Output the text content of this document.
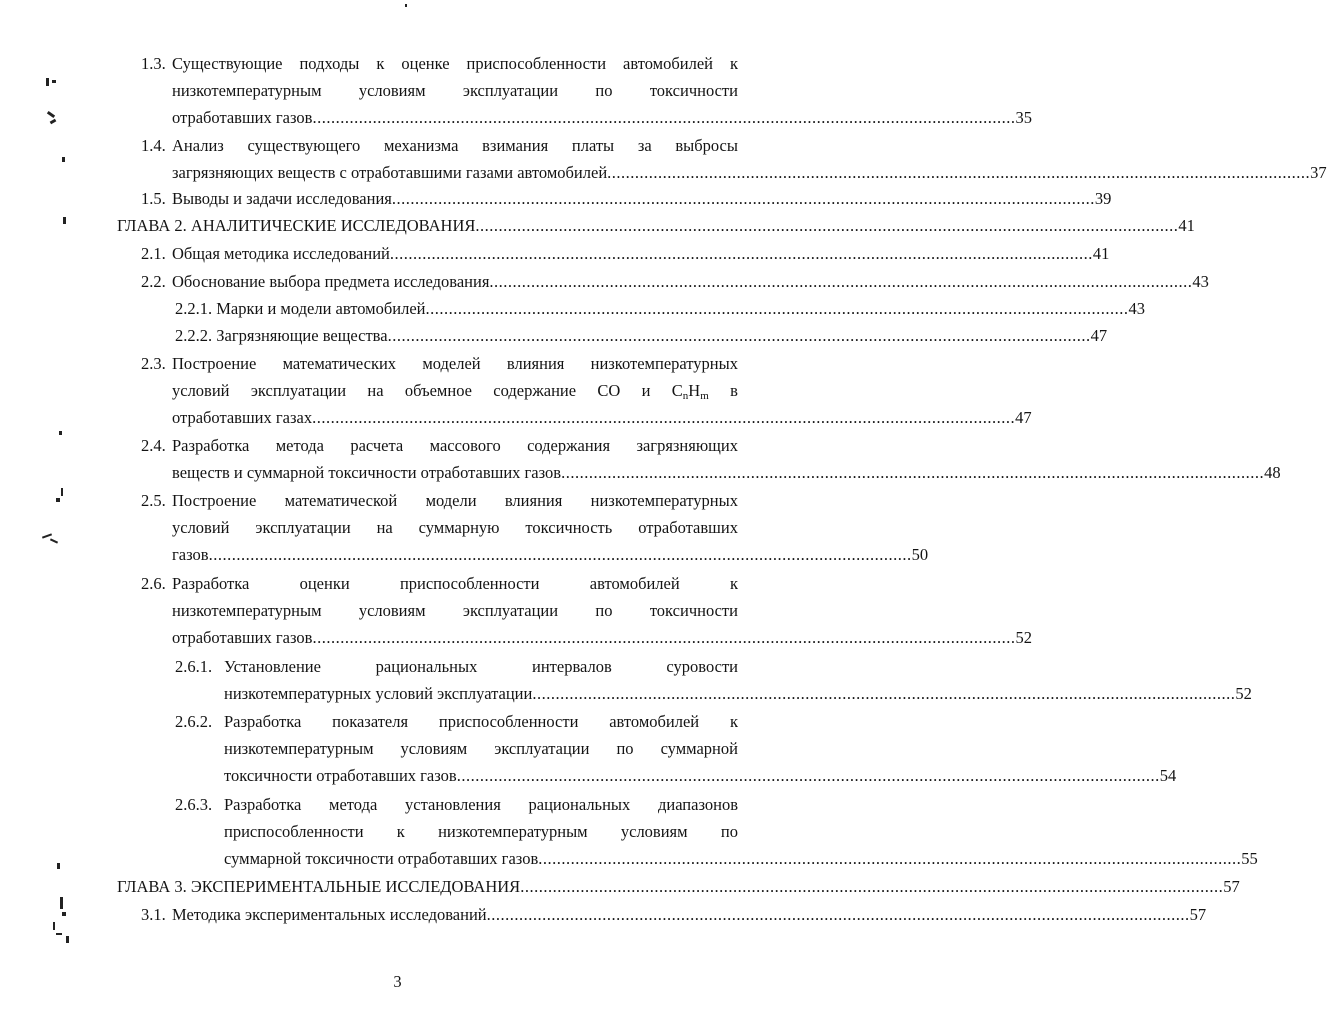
1.3. Существующие подходы к оценке приспособленности автомобилей к
низкотемпературным условиям эксплуатации по токсичности
отработавших газов ........................................................................................................................................................ 35
1.4. Анализ существующего механизма взимания платы за выбросы
загрязняющих веществ с отработавшими газами автомобилей ........................................................................................................................................................ 37
1.5. Выводы и задачи исследования ........................................................................................................................................................ 39
ГЛАВА 2. АНАЛИТИЧЕСКИЕ ИССЛЕДОВАНИЯ ........................................................................................................................................................ 41
2.1. Общая методика исследований ........................................................................................................................................................ 41
2.2. Обоснование выбора предмета исследования ........................................................................................................................................................ 43
2.2.1. Марки и модели автомобилей ........................................................................................................................................................ 43
2.2.2. Загрязняющие вещества ........................................................................................................................................................ 47
2.3. Построение математических моделей влияния низкотемпературных
условий эксплуатации на объемное содержание CO и $C_nH_m$ в
отработавших газах ........................................................................................................................................................ 47
2.4. Разработка метода расчета массового содержания загрязняющих
веществ и суммарной токсичности отработавших газов ........................................................................................................................................................ 48
2.5. Построение математической модели влияния низкотемпературных
условий эксплуатации на суммарную токсичность отработавших
газов ........................................................................................................................................................ 50
2.6. Разработка	оценки	приспособленности	автомобилей	к
низкотемпературным условиям эксплуатации по токсичности
отработавших газов ........................................................................................................................................................ 52
2.6.1. Установление	рациональных	интервалов	суровости
низкотемпературных условий эксплуатации ........................................................................................................................................................ 52
2.6.2. Разработка показателя приспособленности автомобилей к
низкотемпературным условиям эксплуатации по суммарной
токсичности отработавших газов ........................................................................................................................................................ 54
2.6.3. Разработка метода установления рациональных диапазонов
приспособленности к низкотемпературным условиям по
суммарной токсичности отработавших газов ........................................................................................................................................................ 55
ГЛАВА 3. ЭКСПЕРИМЕНТАЛЬНЫЕ ИССЛЕДОВАНИЯ ........................................................................................................................................................ 57
3.1. Методика экспериментальных исследований ........................................................................................................................................................ 57
3
